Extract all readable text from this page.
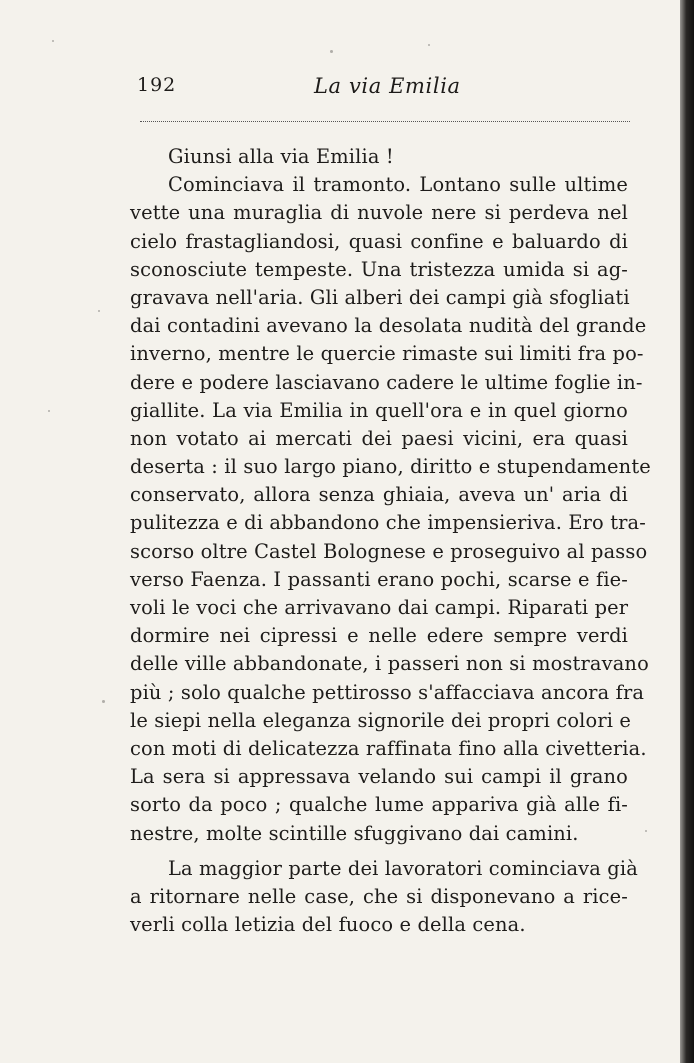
192	La via Emilia
Giunsi alla via Emilia !
Cominciava il tramonto. Lontano sulle ultime
vette una muraglia di nuvole nere si perdeva nel
cielo frastagliandosi, quasi confine e baluardo di
sconosciute tempeste. Una tristezza umida si ag-
gravava nell'aria. Gli alberi dei campi già sfogliati
dai contadini avevano la desolata nudità del grande
inverno, mentre le quercie rimaste sui limiti fra po-
dere e podere lasciavano cadere le ultime foglie in-
giallite. La via Emilia in quell'ora e in quel giorno
non votato ai mercati dei paesi vicini, era quasi
deserta : il suo largo piano, diritto e stupendamente
conservato, allora senza ghiaia, aveva un' aria di
pulitezza e di abbandono che impensieriva. Ero tra-
scorso oltre Castel Bolognese e proseguivo al passo
verso Faenza. I passanti erano pochi, scarse e fie-
voli le voci che arrivavano dai campi. Riparati per
dormire nei cipressi e nelle edere sempre verdi
delle ville abbandonate, i passeri non si mostravano
più ; solo qualche pettirosso s'affacciava ancora fra
le siepi nella eleganza signorile dei propri colori e
con moti di delicatezza raffinata fino alla civetteria.
La sera si appressava velando sui campi il grano
sorto da poco ; qualche lume appariva già alle fi-
nestre, molte scintille sfuggivano dai camini.
La maggior parte dei lavoratori cominciava già
a ritornare nelle case, che si disponevano a rice-
verli colla letizia del fuoco e della cena.
